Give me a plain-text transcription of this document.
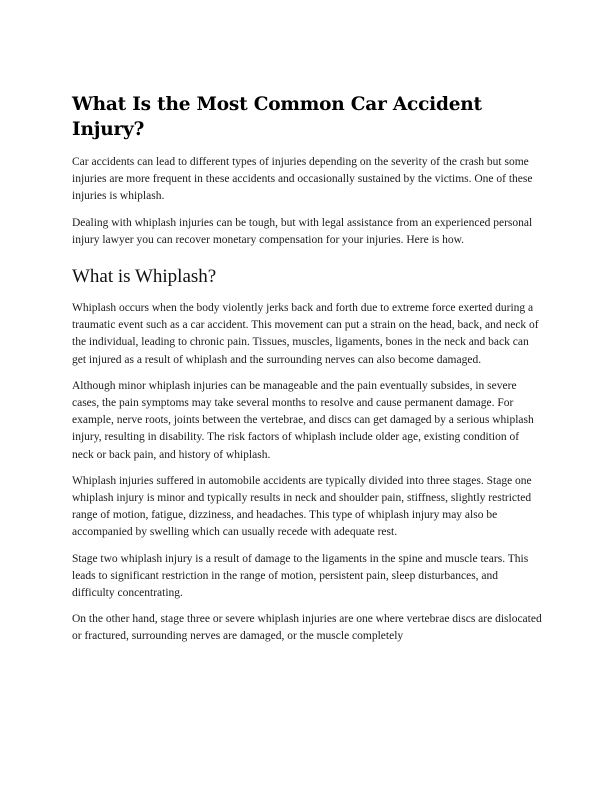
What Is the Most Common Car Accident Injury?

Car accidents can lead to different types of injuries depending on the severity of the crash but some injuries are more frequent in these accidents and occasionally sustained by the victims. One of these injuries is whiplash.

Dealing with whiplash injuries can be tough, but with legal assistance from an experienced personal injury lawyer you can recover monetary compensation for your injuries. Here is how.

What is Whiplash?

Whiplash occurs when the body violently jerks back and forth due to extreme force exerted during a traumatic event such as a car accident. This movement can put a strain on the head, back, and neck of the individual, leading to chronic pain. Tissues, muscles, ligaments, bones in the neck and back can get injured as a result of whiplash and the surrounding nerves can also become damaged.

Although minor whiplash injuries can be manageable and the pain eventually subsides, in severe cases, the pain symptoms may take several months to resolve and cause permanent damage. For example, nerve roots, joints between the vertebrae, and discs can get damaged by a serious whiplash injury, resulting in disability. The risk factors of whiplash include older age, existing condition of neck or back pain, and history of whiplash.

Whiplash injuries suffered in automobile accidents are typically divided into three stages. Stage one whiplash injury is minor and typically results in neck and shoulder pain, stiffness, slightly restricted range of motion, fatigue, dizziness, and headaches. This type of whiplash injury may also be accompanied by swelling which can usually recede with adequate rest.

Stage two whiplash injury is a result of damage to the ligaments in the spine and muscle tears. This leads to significant restriction in the range of motion, persistent pain, sleep disturbances, and difficulty concentrating.

On the other hand, stage three or severe whiplash injuries are one where vertebrae discs are dislocated or fractured, surrounding nerves are damaged, or the muscle completely
